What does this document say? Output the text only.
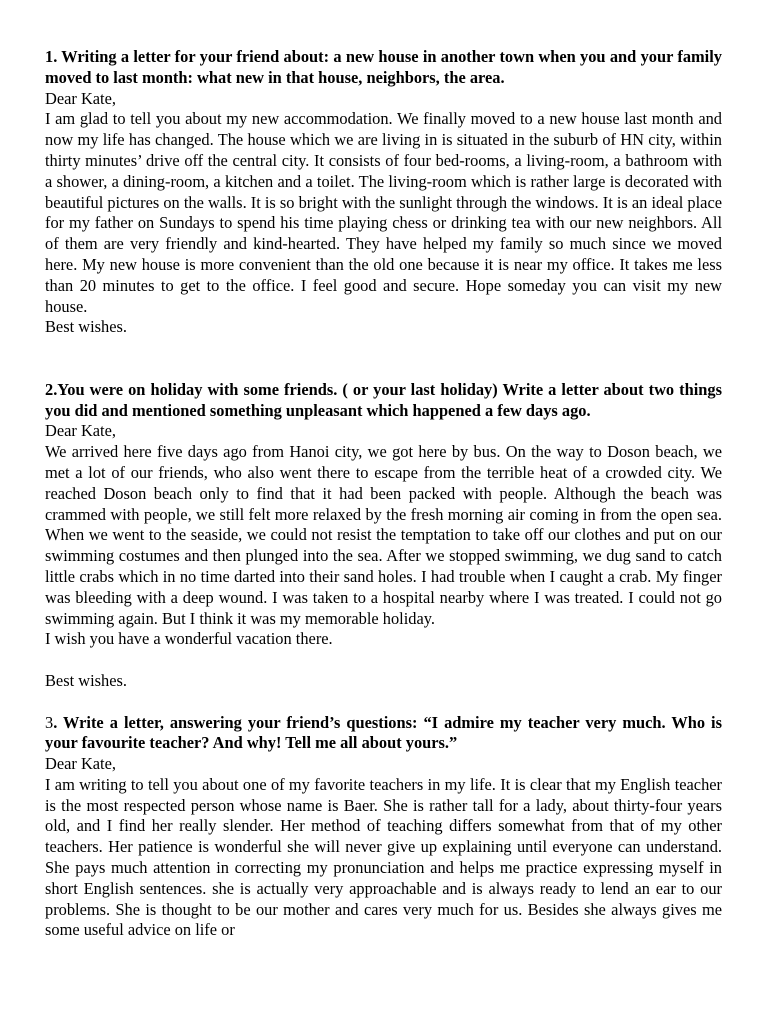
1. Writing a letter for your friend about: a new house in another town when you and your family moved to last month: what new in that house, neighbors, the area.

Dear Kate,

I am glad to tell you about my new accommodation. We finally moved to a new house last month and now my life has changed. The house which we are living in is situated in the suburb of HN city, within thirty minutes’ drive off the central city. It consists of four bed-rooms, a living-room, a bathroom with a shower, a dining-room, a kitchen and a toilet. The living-room which is rather large is decorated with beautiful pictures on the walls. It is so bright with the sunlight through the windows. It is an ideal place for my father on Sundays to spend his time playing chess or drinking tea with our new neighbors. All of them are very friendly and kind-hearted. They have helped my family so much since we moved here. My new house is more convenient than the old one because it is near my office. It takes me less than 20 minutes to get to the office. I feel good and secure. Hope someday you can visit my new house.

Best wishes.

2.You were on holiday with some friends. ( or your last holiday) Write a letter about two things you did and mentioned something unpleasant which happened a few days ago.

Dear Kate,

We arrived here five days ago from Hanoi city, we got here by bus. On the way to Doson beach, we met a lot of our friends, who also went there to escape from the terrible heat of a crowded city. We reached Doson beach only to find that it had been packed with people. Although the beach was crammed with people, we still felt more relaxed by the fresh morning air coming in from the open sea. When we went to the seaside, we could not resist the temptation to take off our clothes and put on our swimming costumes and then plunged into the sea. After we stopped swimming, we dug sand to catch little crabs which in no time darted into their sand holes. I had trouble when I caught a crab. My finger was bleeding with a deep wound. I was taken to a hospital nearby where I was treated. I could not go swimming again. But I think it was my memorable holiday.

I wish you have a wonderful vacation there.

Best wishes.

3. Write a letter, answering your friend’s questions: “I admire my teacher very much. Who is your favourite teacher? And why! Tell me all about yours.”

Dear Kate,

I am writing to tell you about one of my favorite teachers in my life. It is clear that my English teacher is the most respected person whose name is Baer. She is rather tall for a lady, about thirty-four years old, and I find her really slender. Her method of teaching differs somewhat from that of my other teachers. Her patience is wonderful she will never give up explaining until everyone can understand. She pays much attention in correcting my pronunciation and helps me practice expressing myself in short English sentences. she is actually very approachable and is always ready to lend an ear to our problems. She is thought to be our mother and cares very much for us. Besides she always gives me some useful advice on life or
